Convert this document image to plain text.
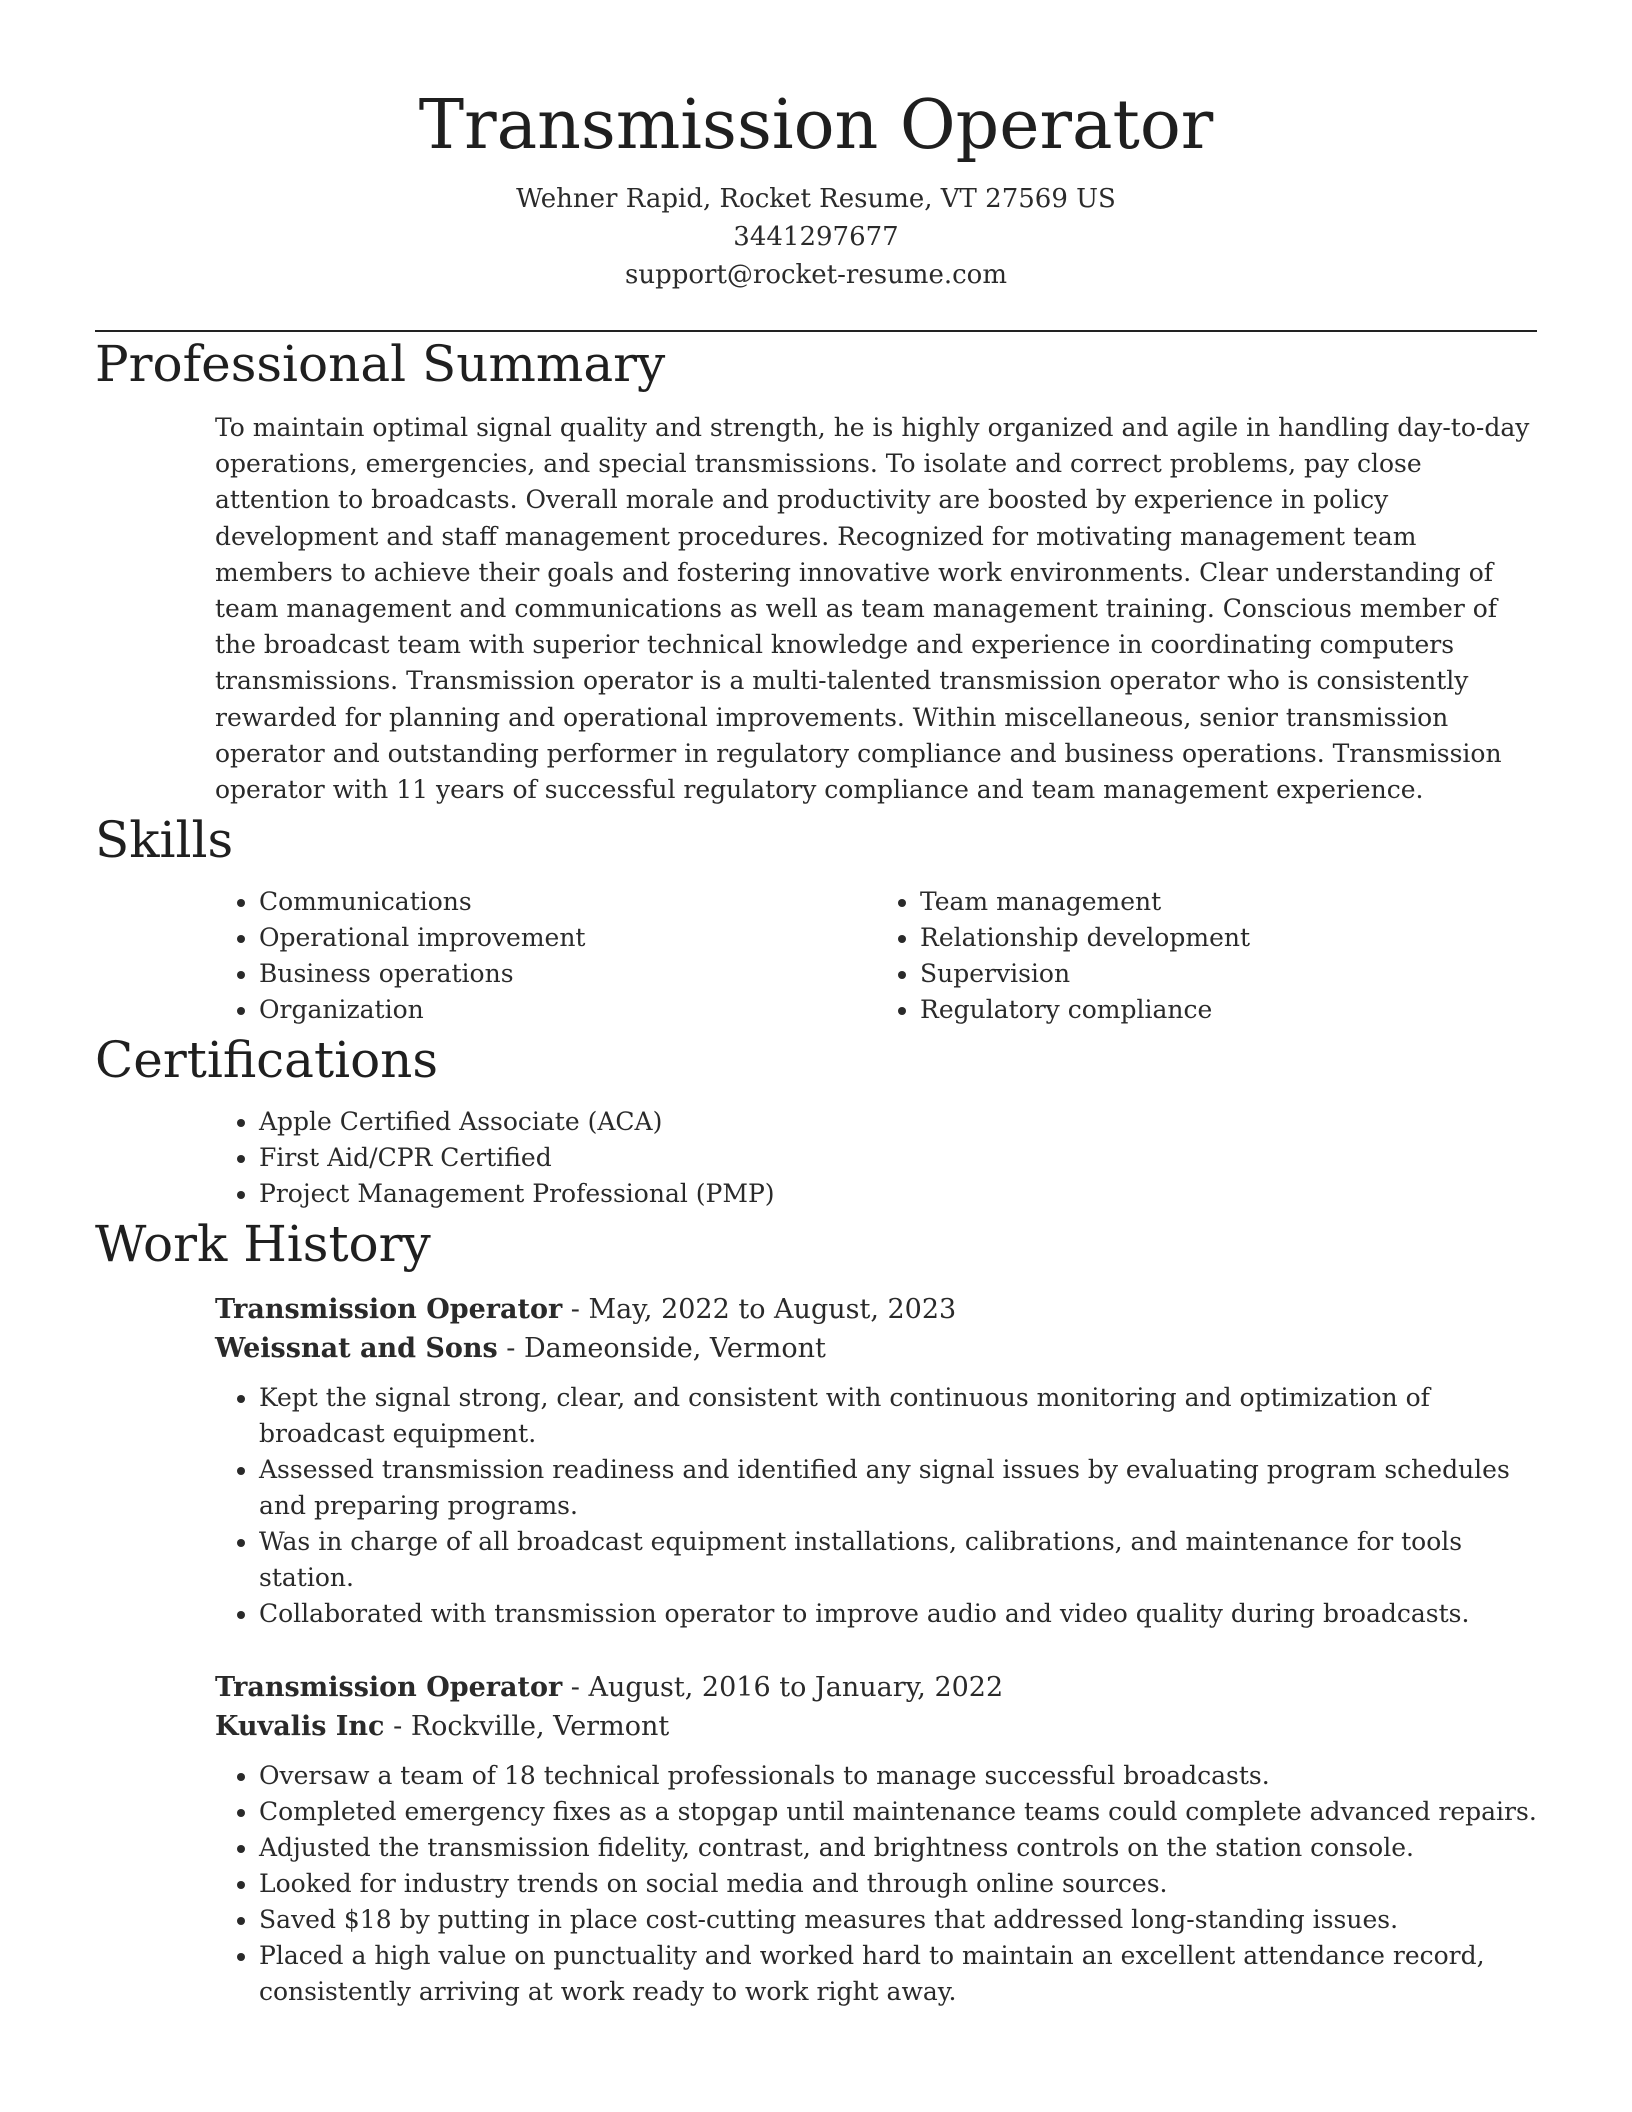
Transmission Operator
Wehner Rapid, Rocket Resume, VT 27569 US
3441297677
support@rocket-resume.com
Professional Summary

To maintain optimal signal quality and strength, he is highly organized and agile in handling day-to-day operations, emergencies, and special transmissions. To isolate and correct problems, pay close attention to broadcasts. Overall morale and productivity are boosted by experience in policy development and staff management procedures. Recognized for motivating management team members to achieve their goals and fostering innovative work environments. Clear understanding of team management and communications as well as team management training. Conscious member of the broadcast team with superior technical knowledge and experience in coordinating computers transmissions. Transmission operator is a multi-talented transmission operator who is consistently rewarded for planning and operational improvements. Within miscellaneous, senior transmission operator and outstanding performer in regulatory compliance and business operations. Transmission operator with 11 years of successful regulatory compliance and team management experience.

Skills
• Communications
• Operational improvement
• Business operations
• Organization
• Team management
• Relationship development
• Supervision
• Regulatory compliance
Certifications
• Apple Certified Associate (ACA)
• First Aid/CPR Certified
• Project Management Professional (PMP)
Work History
Transmission Operator - May, 2022 to August, 2023
Weissnat and Sons - Dameonside, Vermont
• Kept the signal strong, clear, and consistent with continuous monitoring and optimization of broadcast equipment.
• Assessed transmission readiness and identified any signal issues by evaluating program schedules and preparing programs.
• Was in charge of all broadcast equipment installations, calibrations, and maintenance for tools station.
• Collaborated with transmission operator to improve audio and video quality during broadcasts.
Transmission Operator - August, 2016 to January, 2022
Kuvalis Inc - Rockville, Vermont
• Oversaw a team of 18 technical professionals to manage successful broadcasts.
• Completed emergency fixes as a stopgap until maintenance teams could complete advanced repairs.
• Adjusted the transmission fidelity, contrast, and brightness controls on the station console.
• Looked for industry trends on social media and through online sources.
• Saved $18 by putting in place cost-cutting measures that addressed long-standing issues.
• Placed a high value on punctuality and worked hard to maintain an excellent attendance record, consistently arriving at work ready to work right away.
